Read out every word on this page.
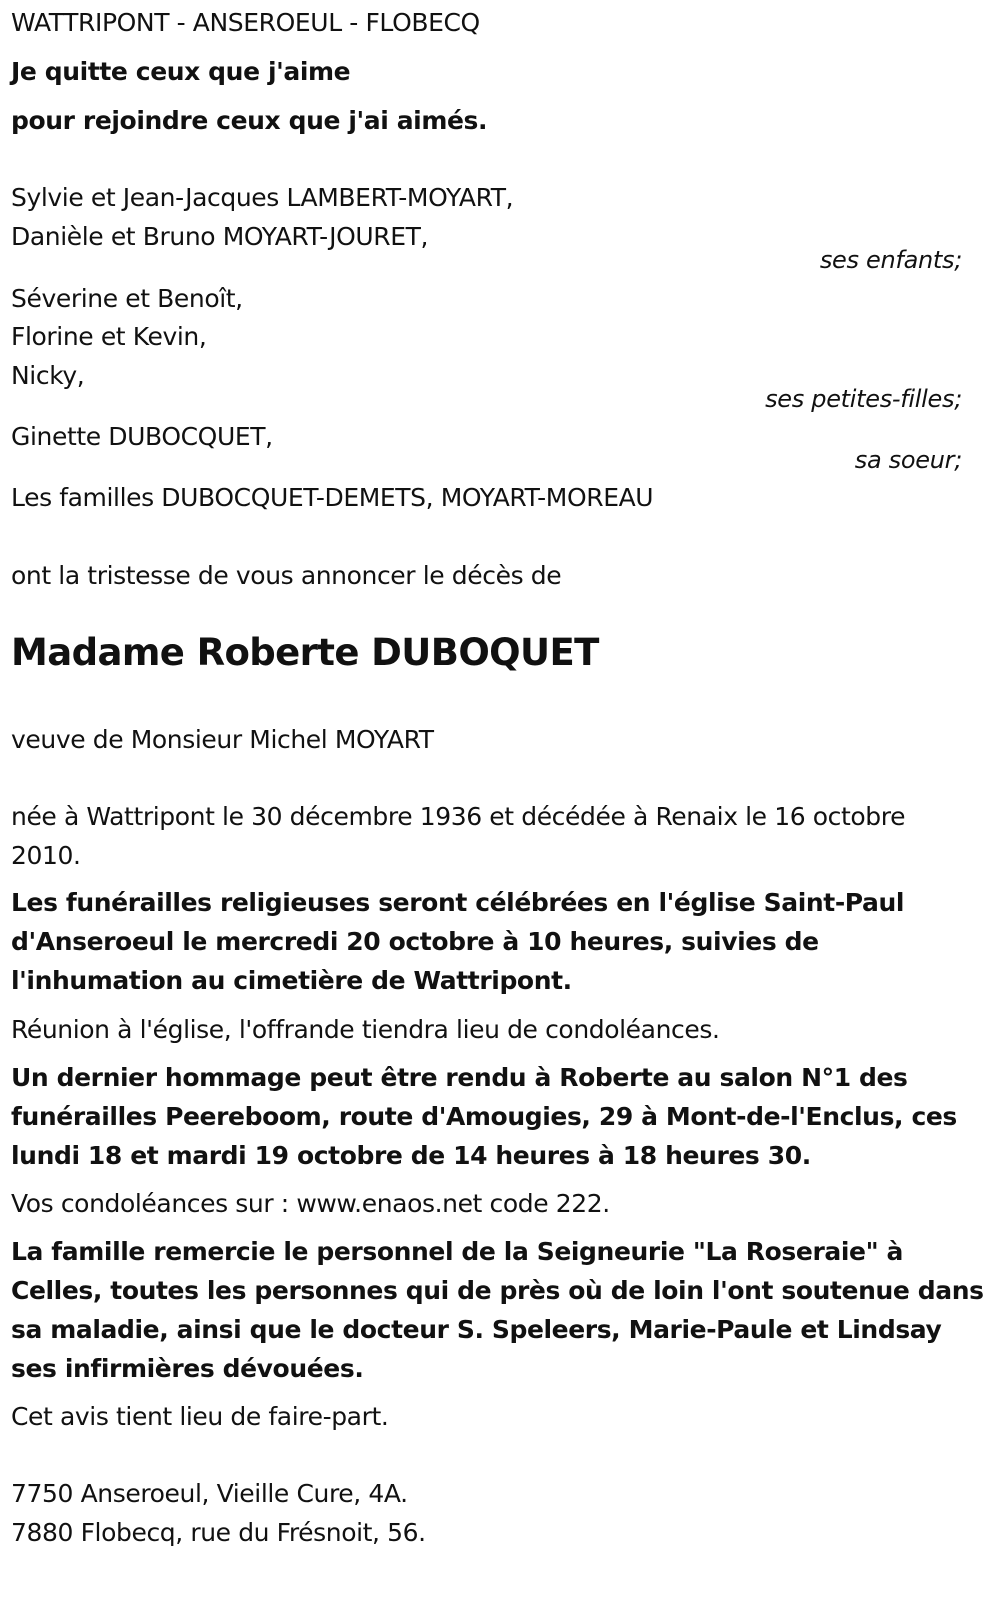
WATTRIPONT - ANSEROEUL - FLOBECQ
Je quitte ceux que j'aime
pour rejoindre ceux que j'ai aimés.
Sylvie et Jean-Jacques LAMBERT-MOYART,
Danièle et Bruno MOYART-JOURET,
ses enfants;
Séverine et Benoît,
Florine et Kevin,
Nicky,
ses petites-filles;
Ginette DUBOCQUET,
sa soeur;
Les familles DUBOCQUET-DEMETS, MOYART-MOREAU
ont la tristesse de vous annoncer le décès de
Madame Roberte DUBOQUET
veuve de Monsieur Michel MOYART
née à Wattripont le 30 décembre 1936 et décédée à Renaix le 16 octobre
2010.
Les funérailles religieuses seront célébrées en l'église Saint-Paul
d'Anseroeul le mercredi 20 octobre à 10 heures, suivies de
l'inhumation au cimetière de Wattripont.
Réunion à l'église, l'offrande tiendra lieu de condoléances.
Un dernier hommage peut être rendu à Roberte au salon N°1 des
funérailles Peereboom, route d'Amougies, 29 à Mont-de-l'Enclus, ces
lundi 18 et mardi 19 octobre de 14 heures à 18 heures 30.
Vos condoléances sur : www.enaos.net code 222.
La famille remercie le personnel de la Seigneurie "La Roseraie" à
Celles, toutes les personnes qui de près où de loin l'ont soutenue dans
sa maladie, ainsi que le docteur S. Speleers, Marie-Paule et Lindsay
ses infirmières dévouées.
Cet avis tient lieu de faire-part.
7750 Anseroeul, Vieille Cure, 4A.
7880 Flobecq, rue du Frésnoit, 56.
